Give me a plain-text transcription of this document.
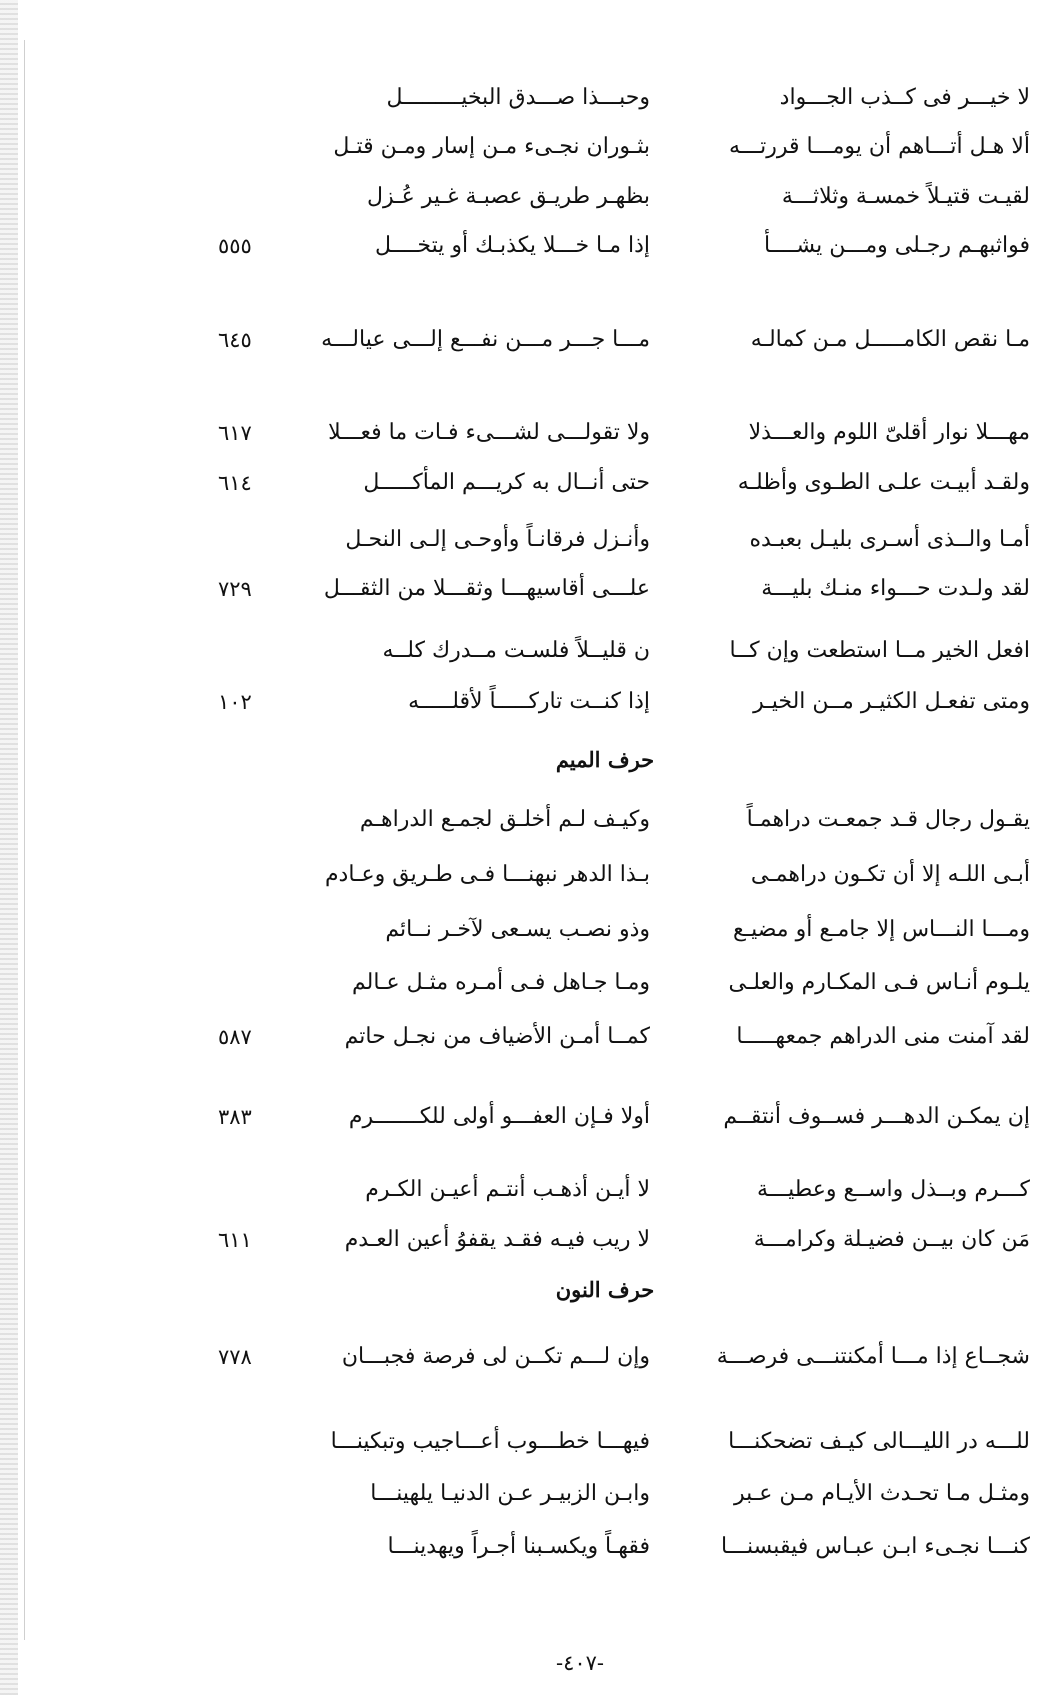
لا خيـــر فى كــذب الجـــواد
وحبـــذا صـــدق البخيـــــــــل
ألا هـل أتـــاهم أن يومـــا قررتـــه
بثـوران نجـىء مـن إسار ومـن قتـل
لقيـت قتيـلاً خمسـة وثلاثـــة
بظهـر طريـق عصبـة غـير عُـزل
فواثبهـم رجـلى ومـــن يشــــأ
إذا مـا خـــلا يكذبـك أو يتخــــل
٥٥٥
مـا نقص الكامـــــل مـن كمالـه
مـــا جـــر مـــن نفـــع إلـــى عيالـــه
٦٤٥
مهـــلا نوار أقلىّ اللوم والعـــذلا
ولا تقولـــى لشـــىء فـات ما فعـــلا
٦١٧
ولقـد أبيـت علـى الطـوى وأظلـه
حتى أنــال به كريـــم المأكـــــل
٦١٤
أمـا والــذى أسـرى بليـل بعبـده
وأنـزل فرقانـاً وأوحـى إلـى النحـل
لقد ولـدت حـــواء منـك بليـــة
علـــى أقاسيهـــا وثقـــلا من الثقـــل
٧٢٩
افعل الخير مــا استطعت وإن كــا
ن قليــلاً فلسـت مــدرك كلــه
ومتى تفعـل الكثيـر مــن الخيـر
إذا كنــت تاركـــــاً لأقلـــــه
١٠٢
حرف الميم
يقـول رجال قـد جمعـت دراهمـاً
وكيـف لـم أخلـق لجمـع الدراهـم
أبـى اللـه إلا أن تكـون دراهمـى
بـذا الدهر نبهنـــا فـى طـريق وعـادم
ومـــا النـــاس إلا جامـع أو مضيـع
وذو نصـب يسـعى لآخـر نــائم
يلـوم أنـاس فـى المكـارم والعلـى
ومـا جـاهل فـى أمـره مثـل عـالم
لقد آمنت منى الدراهم جمعهـــــا
كمــا أمـن الأضياف من نجـل حاتم
٥٨٧
إن يمكـن الدهـــر فســوف أنتقــم
أولا فـإن العفـــو أولى للكـــــــرم
٣٨٣
كـــرم وبــذل واســع وعطيـــة
لا أيـن أذهـب أنتـم أعيـن الكـرم
مَن كان بيــن فضيـلة وكرامـــة
لا ريب فيـه فقـد يقفوُ أعين العـدم
٦١١
حرف النون
شجــاع إذا مـــا أمكنتنـــى فرصـــة
وإن لـــم تكــن لى فرصة فجبـــان
٧٧٨
للـــه در الليـــالى كيـف تضحكنـــا
فيهـــا خطـــوب أعـــاجيب وتبكينـــا
ومثـل مـا تحـدث الأيـام مـن عـبر
وابـن الزبيـر عـن الدنيـا يلهينـــا
كنـــا نجـىء ابـن عبـاس فيقبسنـــا
فقهـاً ويكسـبنا أجـراً ويهدينـــا
-٤٠٧-
